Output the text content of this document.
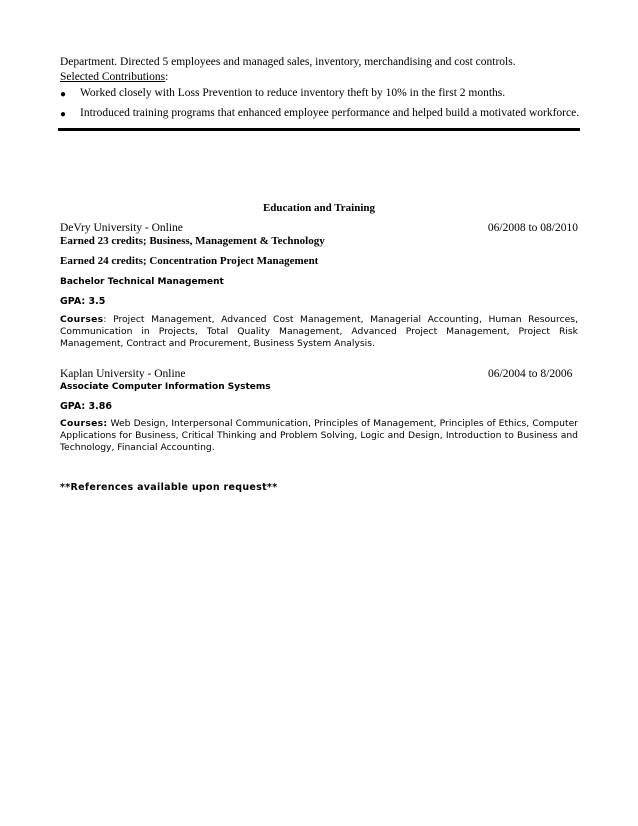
Department. Directed 5 employees and managed sales, inventory, merchandising and cost controls.
Selected Contributions:
● Worked closely with Loss Prevention to reduce inventory theft by 10% in the first 2 months.
● Introduced training programs that enhanced employee performance and helped build a motivated workforce.
Education and Training
DeVry University - Online	06/2008 to 08/2010
Earned 23 credits; Business, Management & Technology
Earned 24 credits; Concentration Project Management
Bachelor Technical Management
GPA: 3.5
Courses: Project Management, Advanced Cost Management, Managerial Accounting, Human Resources, Communication in Projects, Total Quality Management, Advanced Project Management, Project Risk Management, Contract and Procurement, Business System Analysis.
Kaplan University - Online	06/2004 to 8/2006
Associate Computer Information Systems
GPA: 3.86
Courses: Web Design, Interpersonal Communication, Principles of Management, Principles of Ethics, Computer Applications for Business, Critical Thinking and Problem Solving, Logic and Design, Introduction to Business and Technology, Financial Accounting.
**References available upon request**
